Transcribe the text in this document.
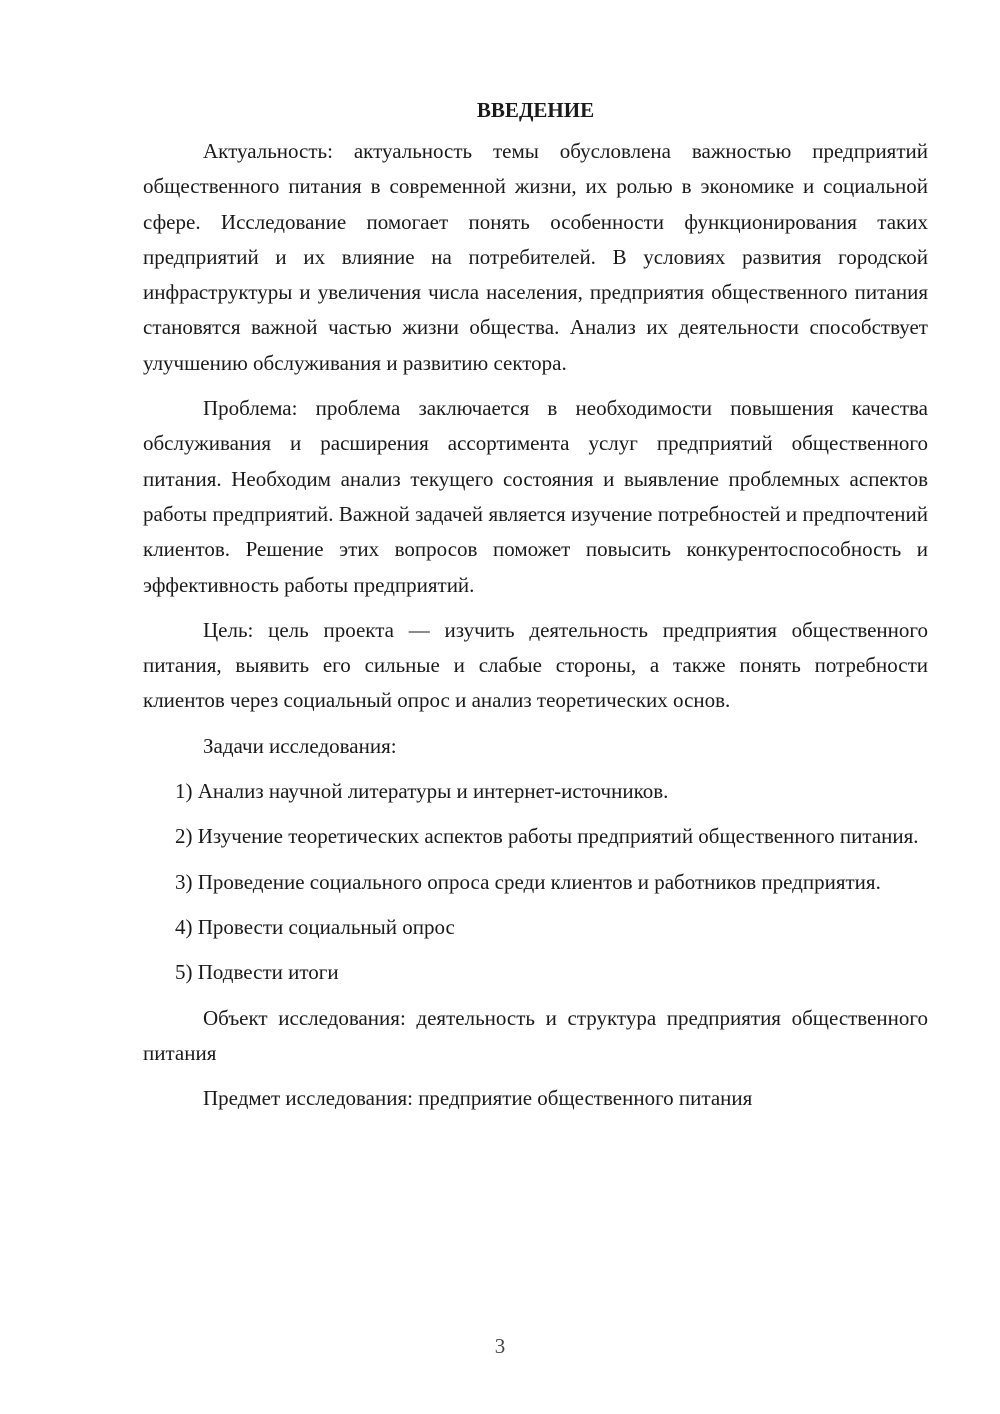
ВВЕДЕНИЕ

Актуальность: актуальность темы обусловлена важностью предприятий общественного питания в современной жизни, их ролью в экономике и социальной сфере. Исследование помогает понять особенности функционирования таких предприятий и их влияние на потребителей. В условиях развития городской инфраструктуры и увеличения числа населения, предприятия общественного питания становятся важной частью жизни общества. Анализ их деятельности способствует улучшению обслуживания и развитию сектора.

Проблема: проблема заключается в необходимости повышения качества обслуживания и расширения ассортимента услуг предприятий общественного питания. Необходим анализ текущего состояния и выявление проблемных аспектов работы предприятий. Важной задачей является изучение потребностей и предпочтений клиентов. Решение этих вопросов поможет повысить конкурентоспособность и эффективность работы предприятий.

Цель: цель проекта — изучить деятельность предприятия общественного питания, выявить его сильные и слабые стороны, а также понять потребности клиентов через социальный опрос и анализ теоретических основ.

Задачи исследования:

1) Анализ научной литературы и интернет-источников.

2) Изучение теоретических аспектов работы предприятий общественного питания.

3) Проведение социального опроса среди клиентов и работников предприятия.

4) Провести социальный опрос

5) Подвести итоги

Объект исследования: деятельность и структура предприятия общественного питания

Предмет исследования: предприятие общественного питания

3
